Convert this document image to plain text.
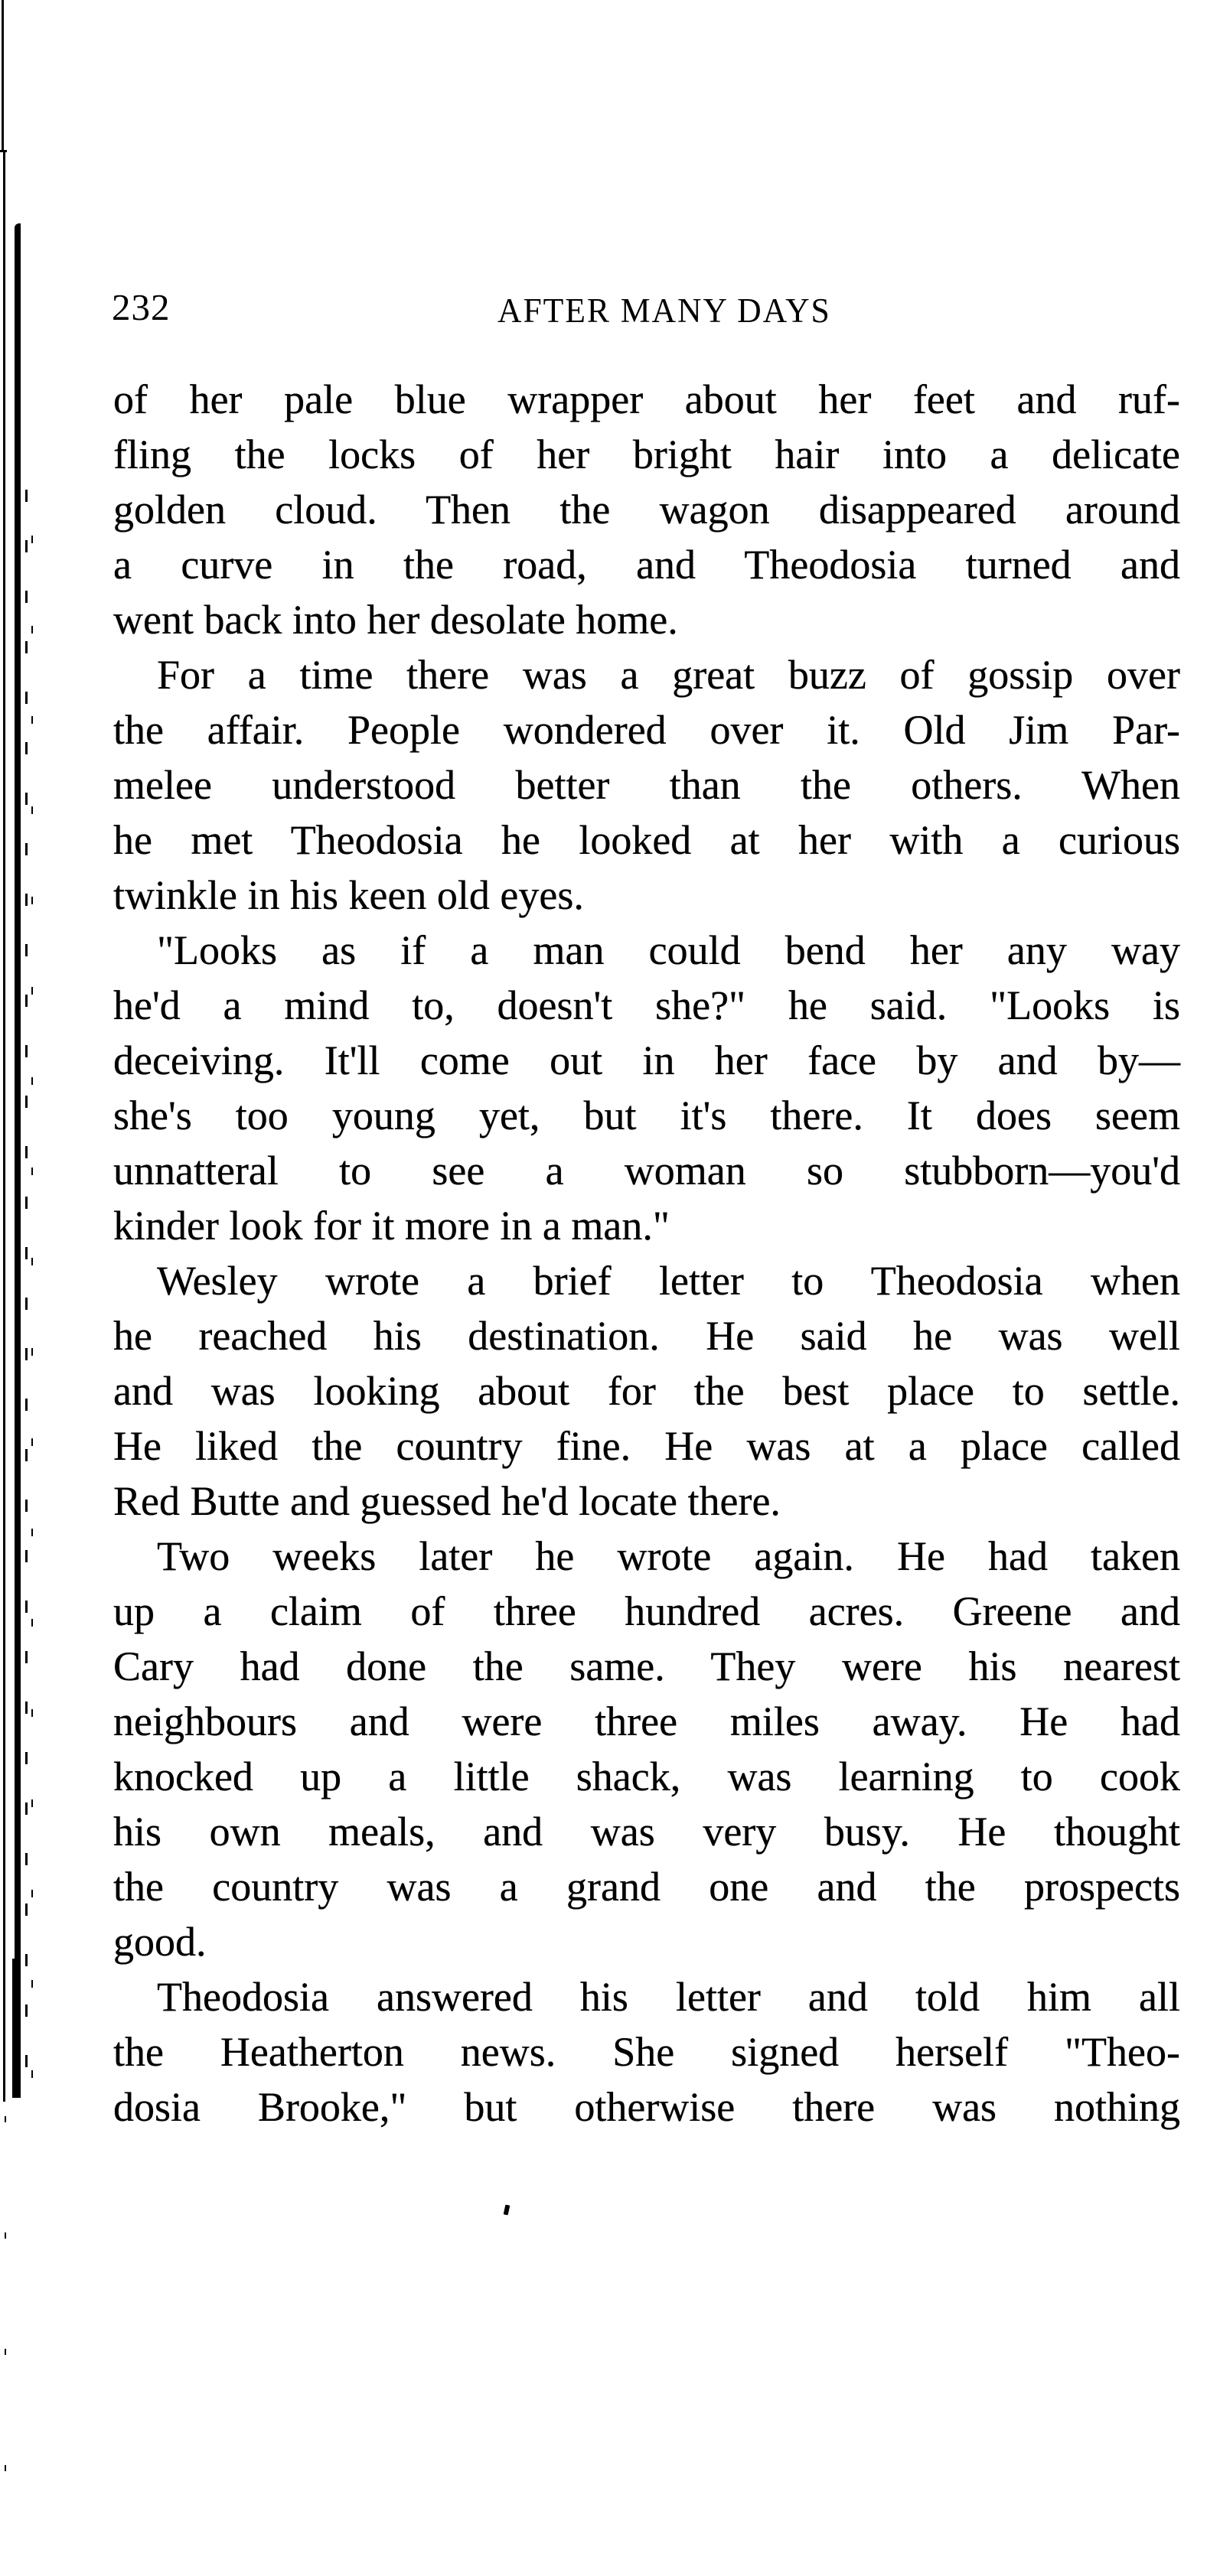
232	AFTER MANY DAYS
of her pale blue wrapper about her feet and ruf-
fling the locks of her bright hair into a delicate
golden cloud. Then the wagon disappeared around
a curve in the road, and Theodosia turned and
went back into her desolate home.
For a time there was a great buzz of gossip over
the affair. People wondered over it. Old Jim Par-
melee understood better than the others. When
he met Theodosia he looked at her with a curious
twinkle in his keen old eyes.
"Looks as if a man could bend her any way
he'd a mind to, doesn't she?" he said. "Looks is
deceiving. It'll come out in her face by and by—
she's too young yet, but it's there. It does seem
unnatteral to see a woman so stubborn—you'd
kinder look for it more in a man."
Wesley wrote a brief letter to Theodosia when
he reached his destination. He said he was well
and was looking about for the best place to settle.
He liked the country fine. He was at a place called
Red Butte and guessed he'd locate there.
Two weeks later he wrote again. He had taken
up a claim of three hundred acres. Greene and
Cary had done the same. They were his nearest
neighbours and were three miles away. He had
knocked up a little shack, was learning to cook
his own meals, and was very busy. He thought
the country was a grand one and the prospects
good.
Theodosia answered his letter and told him all
the Heatherton news. She signed herself "Theo-
dosia Brooke," but otherwise there was nothing
